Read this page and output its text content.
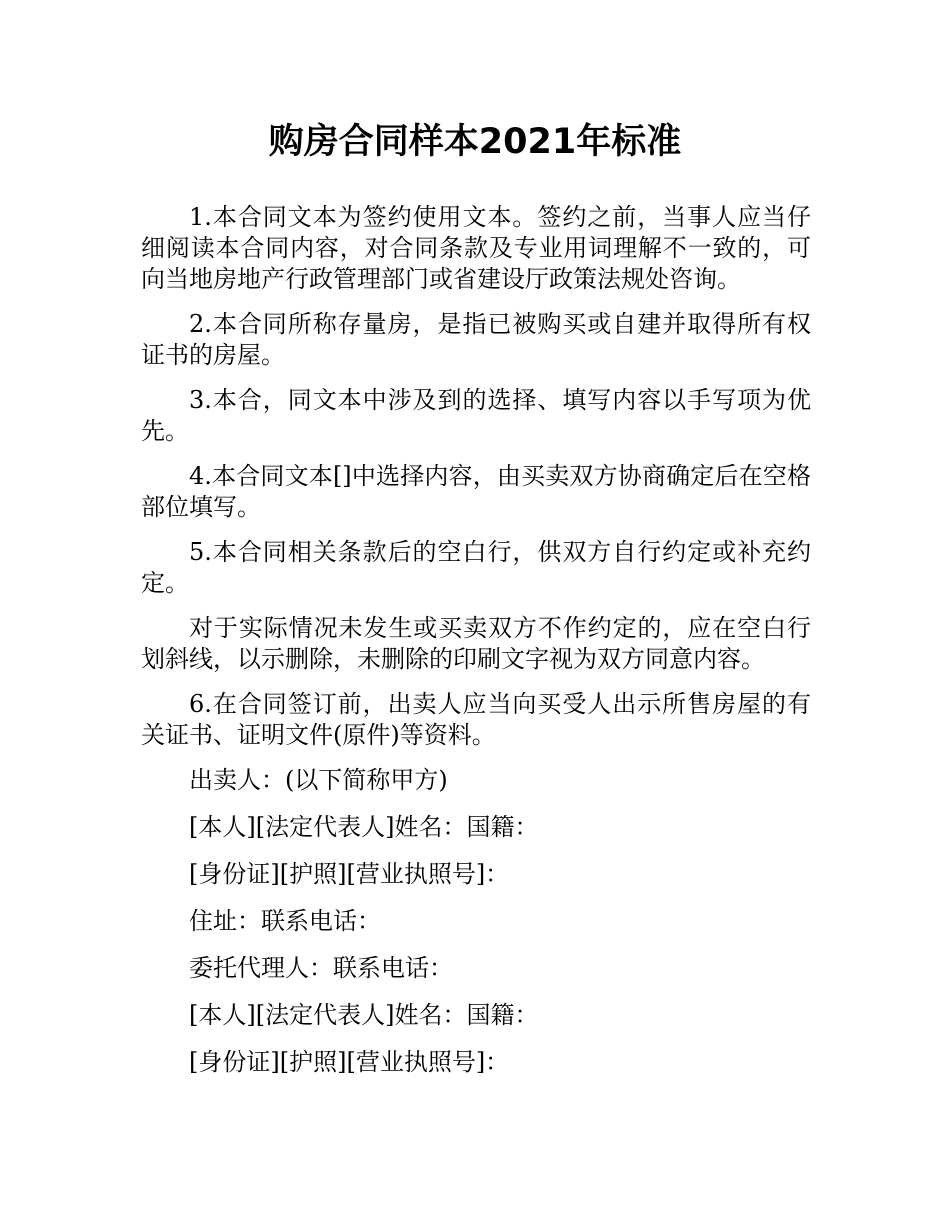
购房合同样本2021年标准

1.本合同文本为签约使用文本。签约之前，当事人应当仔细阅读本合同内容，对合同条款及专业用词理解不一致的，可向当地房地产行政管理部门或省建设厅政策法规处咨询。

2.本合同所称存量房，是指已被购买或自建并取得所有权证书的房屋。

3.本合，同文本中涉及到的选择、填写内容以手写项为优先。

4.本合同文本[]中选择内容，由买卖双方协商确定后在空格部位填写。

5.本合同相关条款后的空白行，供双方自行约定或补充约定。

对于实际情况未发生或买卖双方不作约定的，应在空白行划斜线，以示删除，未删除的印刷文字视为双方同意内容。

6.在合同签订前，出卖人应当向买受人出示所售房屋的有关证书、证明文件(原件)等资料。

出卖人：(以下简称甲方)

[本人][法定代表人]姓名：国籍：

[身份证][护照][营业执照号]：

住址：联系电话：

委托代理人：联系电话：

[本人][法定代表人]姓名：国籍：

[身份证][护照][营业执照号]：
